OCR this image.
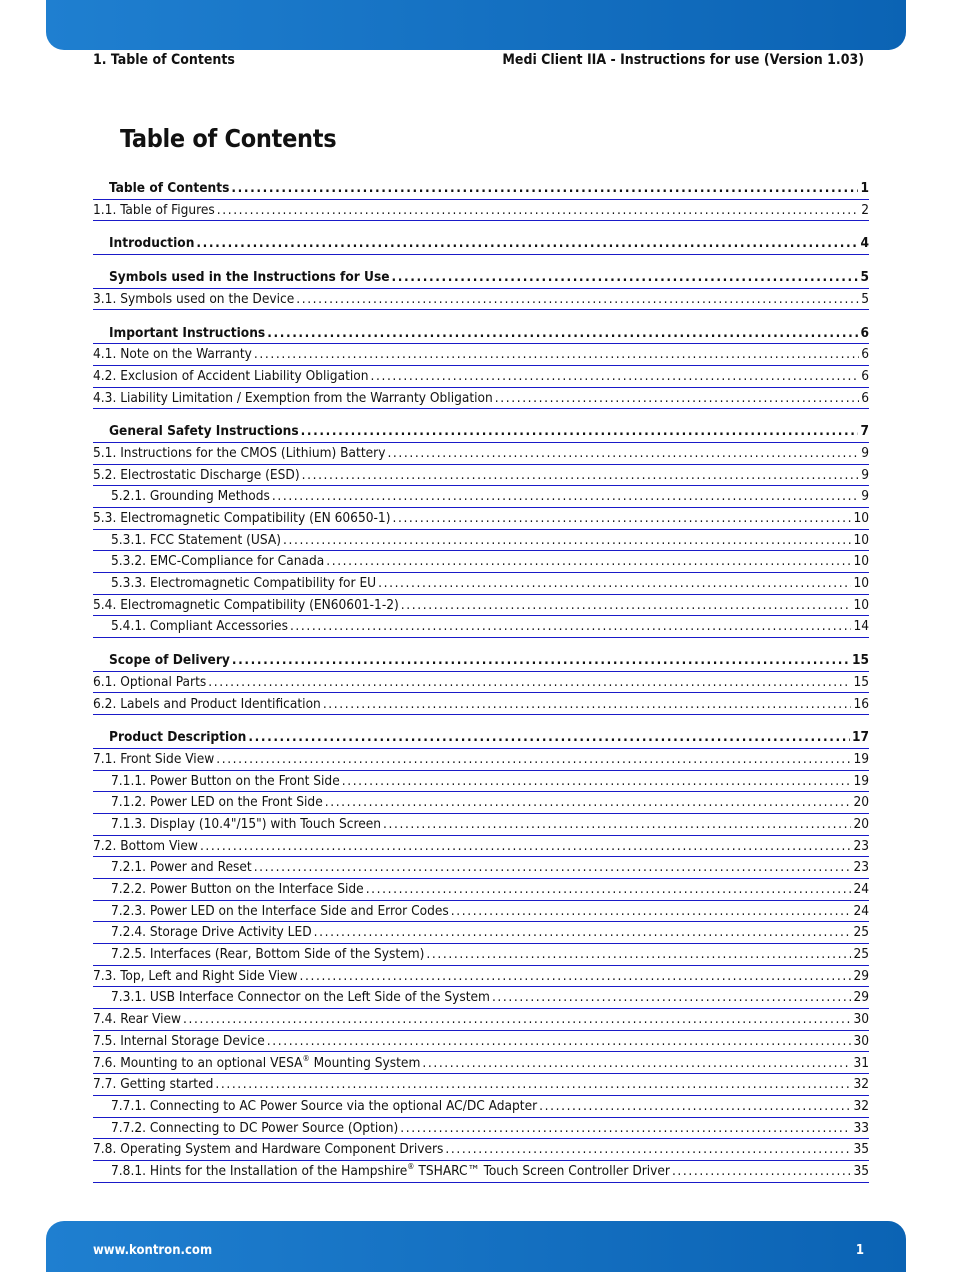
1. Table of Contents	Medi Client IIA - Instructions for use (Version 1.03)
Table of Contents
Table of Contents .....	1
1.1. Table of Figures .....	2
Introduction .....	4
Symbols used in the Instructions for Use .....	5
3.1. Symbols used on the Device .....	5
Important Instructions .....	6
4.1. Note on the Warranty .....	6
4.2. Exclusion of Accident Liability Obligation .....	6
4.3. Liability Limitation / Exemption from the Warranty Obligation .....	6
General Safety Instructions .....	7
5.1. Instructions for the CMOS (Lithium) Battery .....	9
5.2. Electrostatic Discharge (ESD) .....	9
5.2.1. Grounding Methods .....	9
5.3. Electromagnetic Compatibility (EN 60650-1) .....	10
5.3.1. FCC Statement (USA) .....	10
5.3.2. EMC-Compliance for Canada .....	10
5.3.3. Electromagnetic Compatibility for EU .....	10
5.4. Electromagnetic Compatibility (EN60601-1-2) .....	10
5.4.1. Compliant Accessories .....	14
Scope of Delivery .....	15
6.1. Optional Parts .....	15
6.2. Labels and Product Identification .....	16
Product Description .....	17
7.1. Front Side View .....	19
7.1.1. Power Button on the Front Side .....	19
7.1.2. Power LED on the Front Side .....	20
7.1.3. Display (10.4"/15") with Touch Screen .....	20
7.2. Bottom View .....	23
7.2.1. Power and Reset .....	23
7.2.2. Power Button on the Interface Side .....	24
7.2.3. Power LED on the Interface Side and Error Codes .....	24
7.2.4. Storage Drive Activity LED .....	25
7.2.5. Interfaces (Rear, Bottom Side of the System) .....	25
7.3. Top, Left and Right Side View .....	29
7.3.1. USB Interface Connector on the Left Side of the System .....	29
7.4. Rear View .....	30
7.5. Internal Storage Device .....	30
7.6. Mounting to an optional VESA® Mounting System .....	31
7.7. Getting started .....	32
7.7.1. Connecting to AC Power Source via the optional AC/DC Adapter .....	32
7.7.2. Connecting to DC Power Source (Option) .....	33
7.8. Operating System and Hardware Component Drivers .....	35
7.8.1. Hints for the Installation of the Hampshire® TSHARC™ Touch Screen Controller Driver .....	35
www.kontron.com	1
